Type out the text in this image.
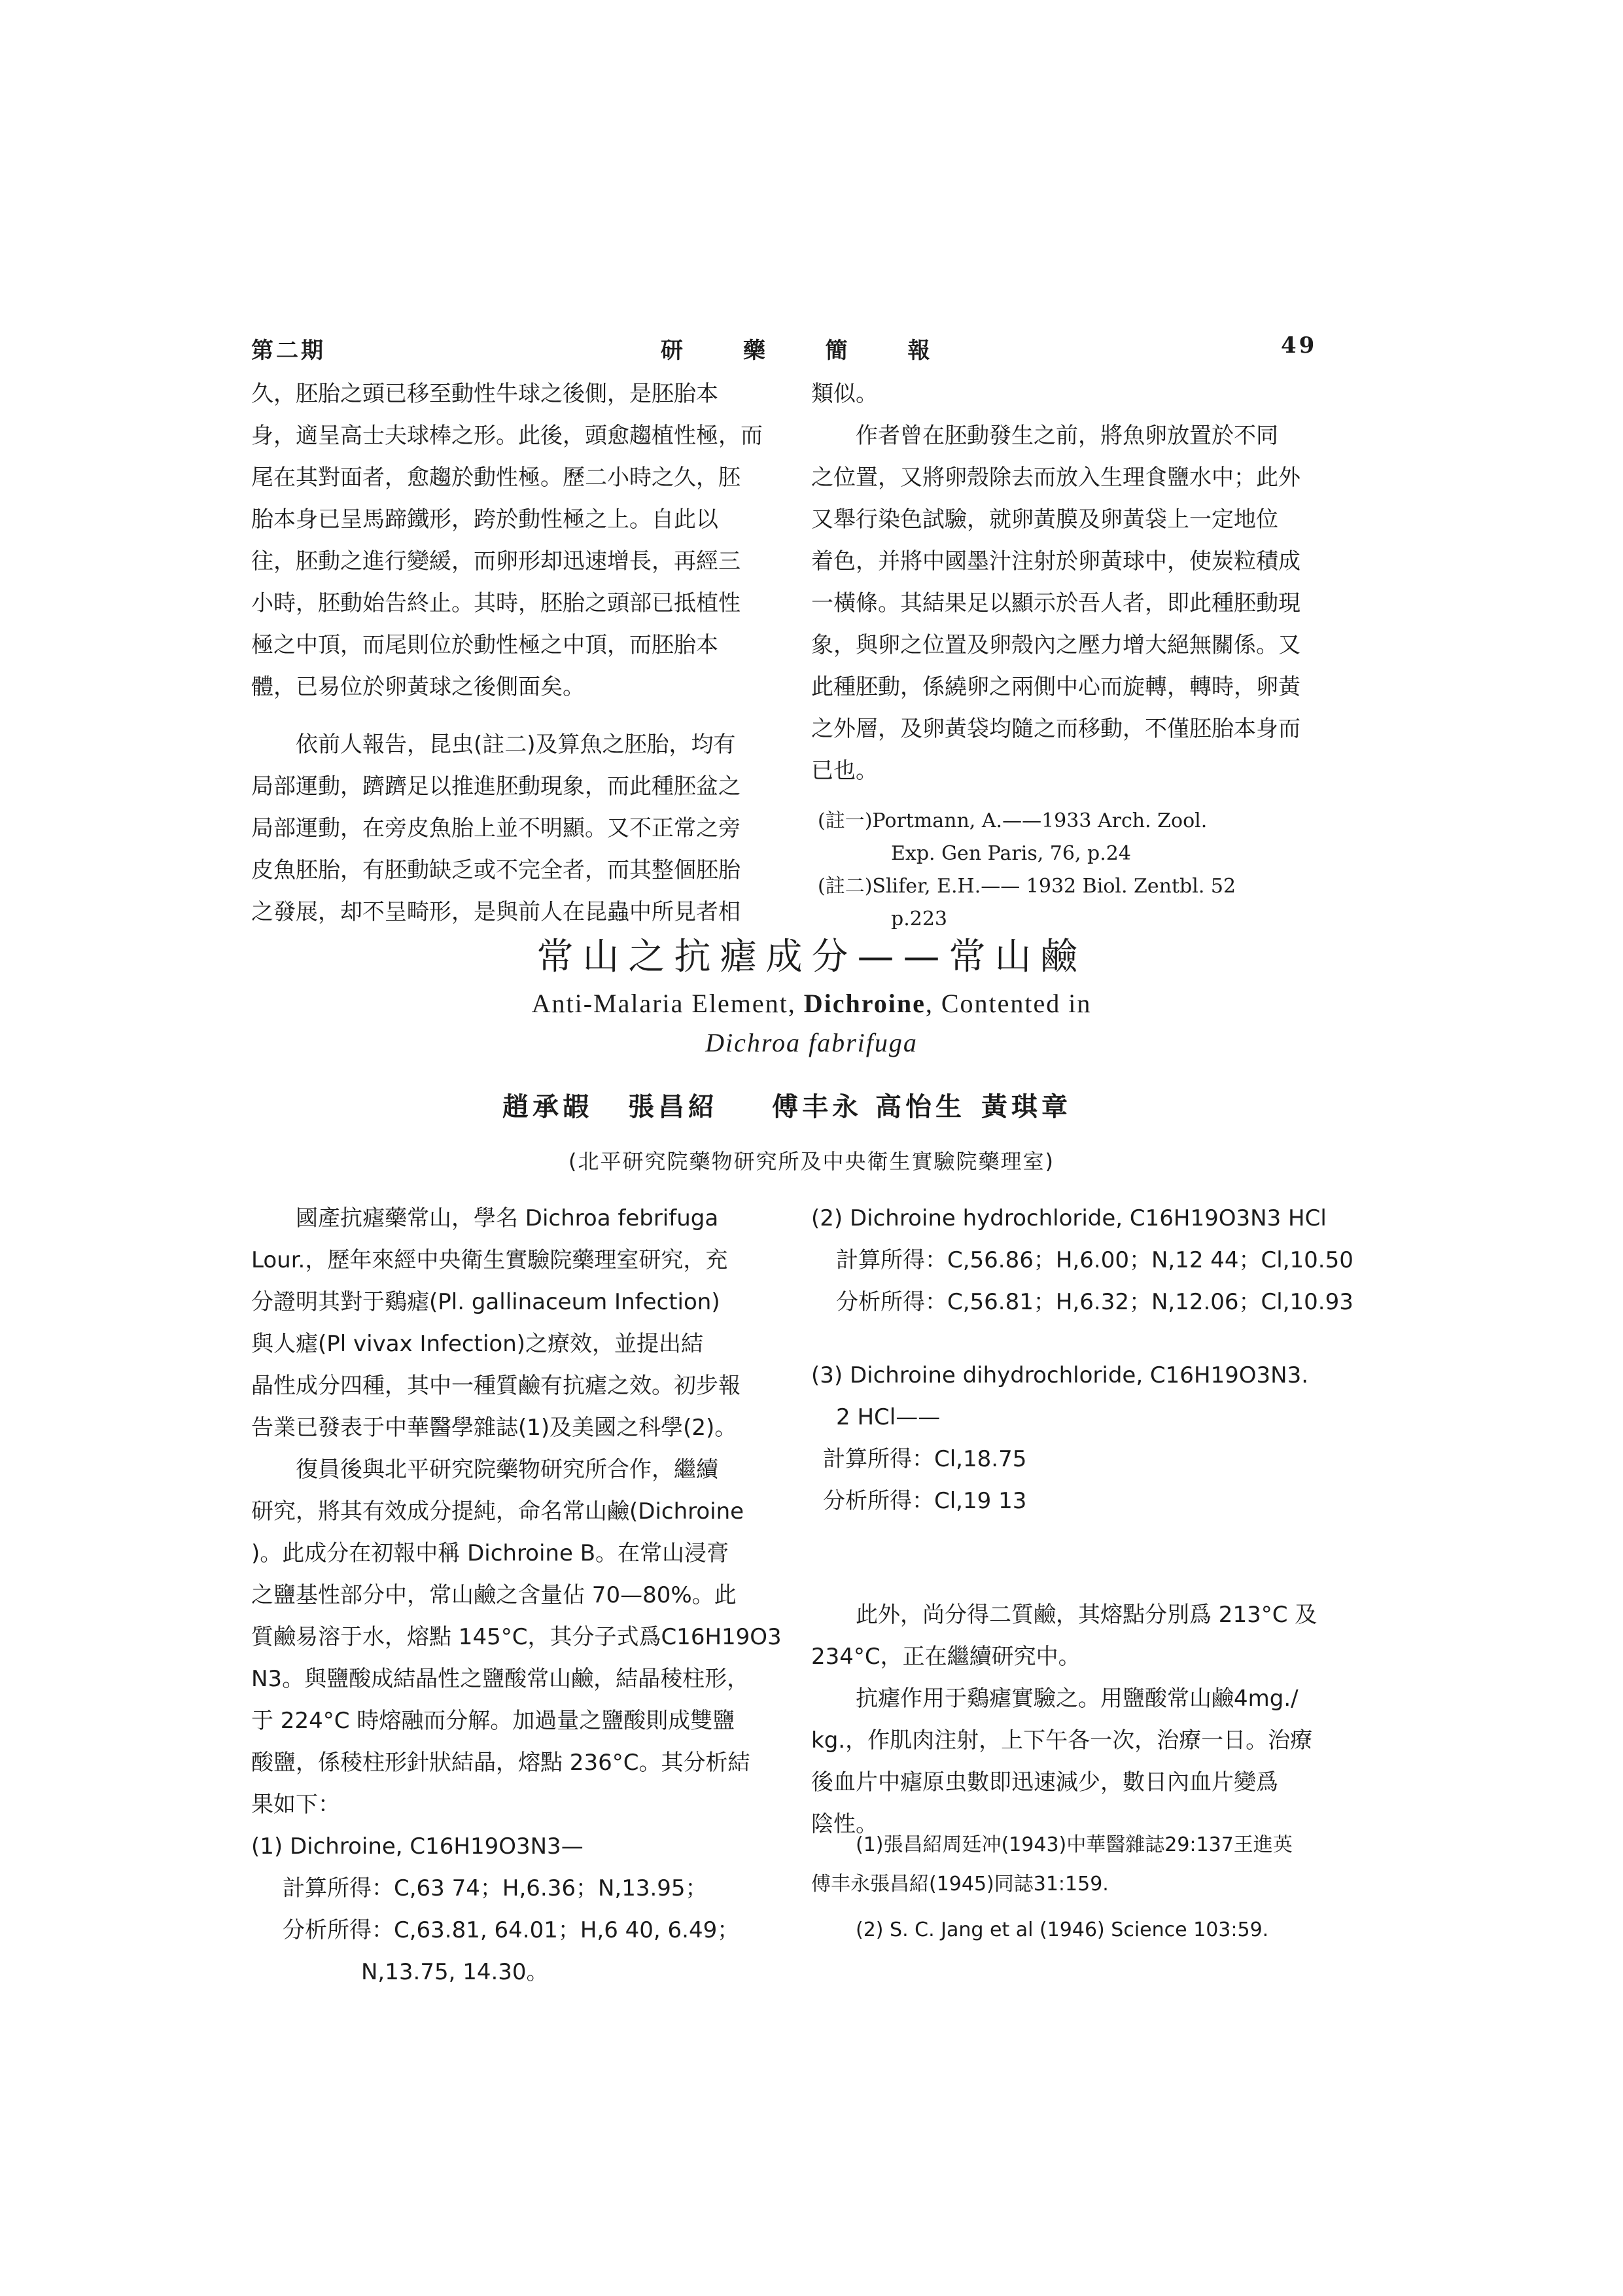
第二期	研 藥 簡 報	49

久，胚胎之頭已移至動性牛球之後側，是胚胎本

身，適呈高士夫球棒之形。此後，頭愈趨植性極，而

尾在其對面者，愈趨於動性極。歷二小時之久，胚

胎本身已呈馬蹄鐵形，跨於動性極之上。自此以

往，胚動之進行變緩，而卵形却迅速增長，再經三

小時，胚動始告終止。其時，胚胎之頭部已抵植性

極之中頂，而尾則位於動性極之中頂，而胚胎本

體，已易位於卵黃球之後側面矣。

依前人報告，昆虫(註二)及算魚之胚胎，均有

局部運動，躋躋足以推進胚動現象，而此種胚盆之

局部運動，在旁皮魚胎上並不明顯。又不正常之旁

皮魚胚胎，有胚動缺乏或不完全者，而其整個胚胎

之發展，却不呈畸形，是與前人在昆蟲中所見者相

類似。

作者曾在胚動發生之前，將魚卵放置於不同

之位置，又將卵殼除去而放入生理食鹽水中；此外

又舉行染色試驗，就卵黃膜及卵黃袋上一定地位

着色，并將中國墨汁注射於卵黃球中，使炭粒積成

一橫條。其結果足以顯示於吾人者，即此種胚動現

象，與卵之位置及卵殼內之壓力增大絕無關係。又

此種胚動，係繞卵之兩側中心而旋轉，轉時，卵黃

之外層，及卵黃袋均隨之而移動，不僅胚胎本身而

已也。

(註一)Portmann, A.——1933 Arch. Zool.
Exp. Gen Paris, 76, p.24
(註二)Slifer, E.H.—— 1932 Biol. Zentbl. 52
p.223
常山之抗瘧成分——常山鹼
Anti-Malaria Element, Dichroine, Contented in
Dichroa fabrifuga
趙承嘏 張昌紹 傅丰永 高怡生 黃琪章
(北平研究院藥物研究所及中央衛生實驗院藥理室)

國產抗瘧藥常山，學名 Dichroa febrifuga

Lour.，歷年來經中央衛生實驗院藥理室研究，充

分證明其對于鷄瘧(Pl. gallinaceum Infection)

與人瘧(Pl vivax Infection)之療效，並提出結

晶性成分四種，其中一種質鹼有抗瘧之效。初步報

告業已發表于中華醫學雜誌(1)及美國之科學(2)。

復員後與北平研究院藥物研究所合作，繼續

研究，將其有效成分提純，命名常山鹼(Dichroine

)。此成分在初報中稱 Dichroine B。在常山浸膏

之鹽基性部分中，常山鹼之含量佔 70—80%。此

質鹼易溶于水，熔點 145°C，其分子式爲C16H19O3

N3。與鹽酸成結晶性之鹽酸常山鹼，結晶稜柱形，

于 224°C 時熔融而分解。加過量之鹽酸則成雙鹽

酸鹽，係稜柱形針狀結晶，熔點 236°C。其分析結

果如下：

(1) Dichroine, C16H19O3N3—

計算所得：C,63 74；H,6.36；N,13.95；

分析所得：C,63.81, 64.01；H,6 40, 6.49；

N,13.75, 14.30。

(2) Dichroine hydrochloride, C16H19O3N3 HCl

計算所得：C,56.86；H,6.00；N,12 44；Cl,10.50

分析所得：C,56.81；H,6.32；N,12.06；Cl,10.93

(3) Dichroine dihydrochloride, C16H19O3N3.

2 HCl——

計算所得：Cl,18.75

分析所得：Cl,19 13

此外，尚分得二質鹼，其熔點分別爲 213°C 及

234°C，正在繼續研究中。

抗瘧作用于鷄瘧實驗之。用鹽酸常山鹼4mg./

kg.，作肌肉注射，上下午各一次，治療一日。治療

後血片中瘧原虫數即迅速減少，數日內血片變爲

陰性。

(1)張昌紹周廷冲(1943)中華醫雜誌29:137王進英
傅丰永張昌紹(1945)同誌31:159.
(2) S. C. Jang et al (1946) Science 103:59.
